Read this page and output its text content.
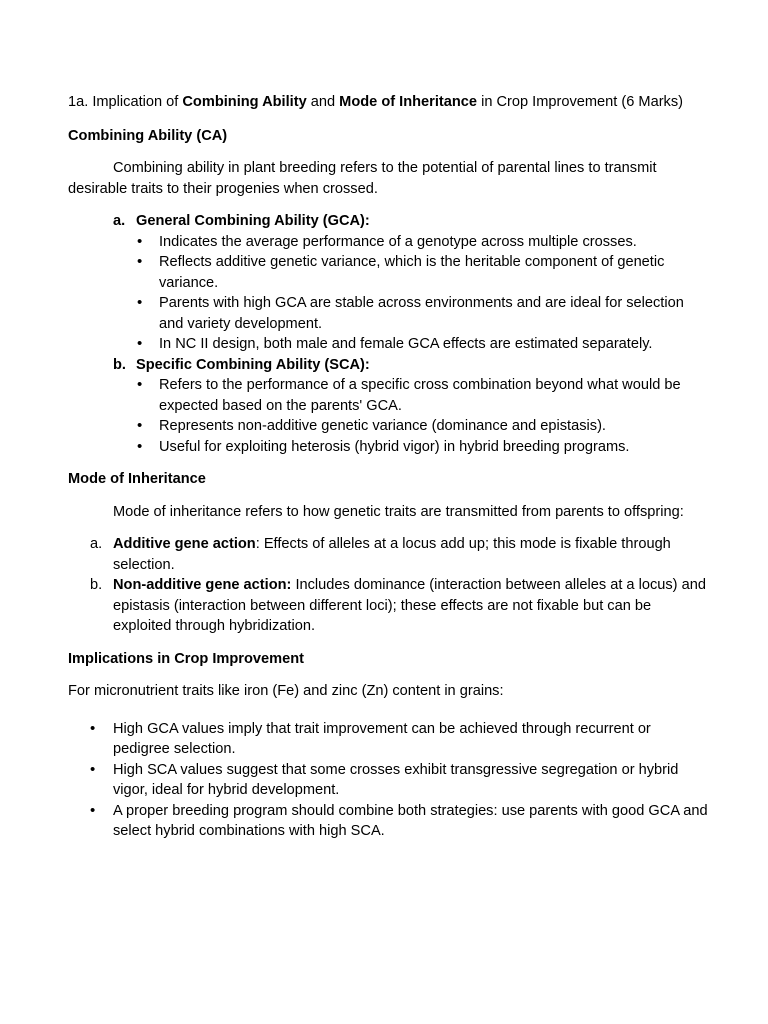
1a. Implication of Combining Ability and Mode of Inheritance in Crop Improvement (6 Marks)

Combining Ability (CA)

Combining ability in plant breeding refers to the potential of parental lines to transmit desirable traits to their progenies when crossed.

a. General Combining Ability (GCA):
• Indicates the average performance of a genotype across multiple crosses.
• Reflects additive genetic variance, which is the heritable component of genetic variance.
• Parents with high GCA are stable across environments and are ideal for selection and variety development.
• In NC II design, both male and female GCA effects are estimated separately.
b. Specific Combining Ability (SCA):
• Refers to the performance of a specific cross combination beyond what would be expected based on the parents' GCA.
• Represents non-additive genetic variance (dominance and epistasis).
• Useful for exploiting heterosis (hybrid vigor) in hybrid breeding programs.

Mode of Inheritance

Mode of inheritance refers to how genetic traits are transmitted from parents to offspring:

a. Additive gene action: Effects of alleles at a locus add up; this mode is fixable through selection.
b. Non-additive gene action: Includes dominance (interaction between alleles at a locus) and epistasis (interaction between different loci); these effects are not fixable but can be exploited through hybridization.

Implications in Crop Improvement

For micronutrient traits like iron (Fe) and zinc (Zn) content in grains:

• High GCA values imply that trait improvement can be achieved through recurrent or pedigree selection.
• High SCA values suggest that some crosses exhibit transgressive segregation or hybrid vigor, ideal for hybrid development.
• A proper breeding program should combine both strategies: use parents with good GCA and select hybrid combinations with high SCA.
